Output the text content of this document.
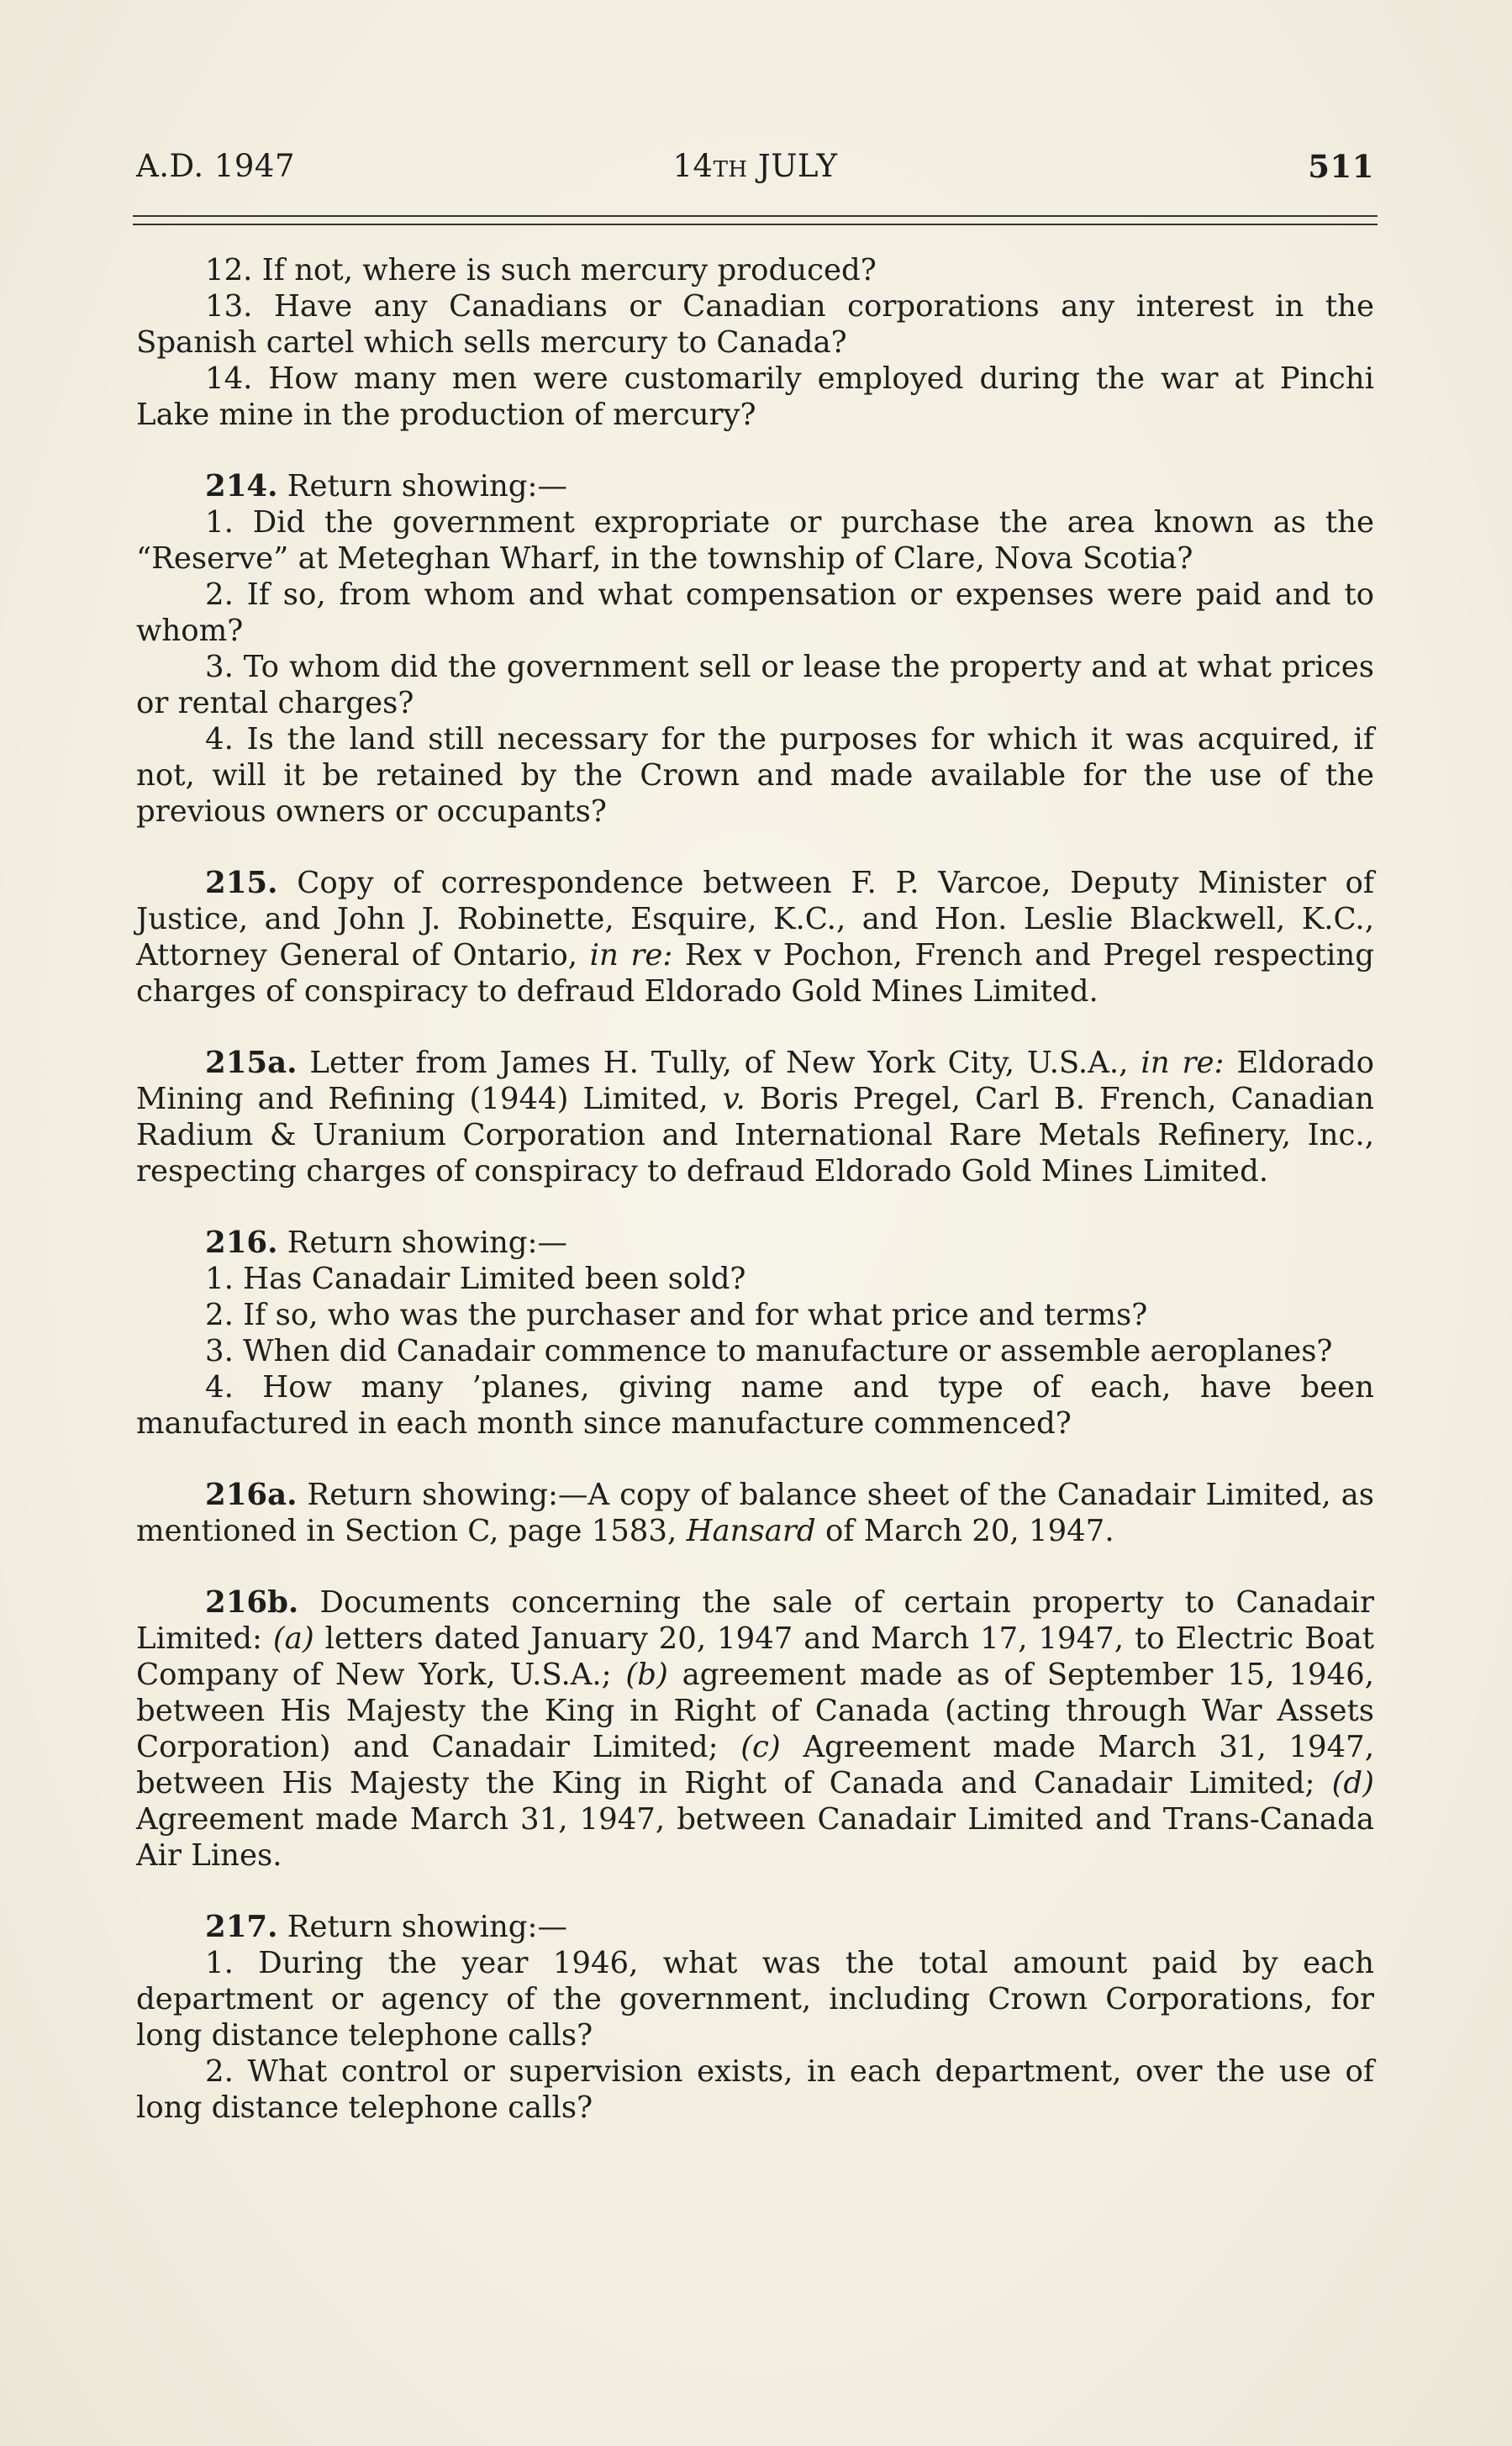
A.D. 1947	14TH JULY	511

12. If not, where is such mercury produced?

13. Have any Canadians or Canadian corporations any interest in the Spanish cartel which sells mercury to Canada?

14. How many men were customarily employed during the war at Pinchi Lake mine in the production of mercury?

214. Return showing:—

1. Did the government expropriate or purchase the area known as the “Reserve” at Meteghan Wharf, in the township of Clare, Nova Scotia?

2. If so, from whom and what compensation or expenses were paid and to whom?

3. To whom did the government sell or lease the property and at what prices or rental charges?

4. Is the land still necessary for the purposes for which it was acquired, if not, will it be retained by the Crown and made available for the use of the previous owners or occupants?

215. Copy of correspondence between F. P. Varcoe, Deputy Minister of Justice, and John J. Robinette, Esquire, K.C., and Hon. Leslie Blackwell, K.C., Attorney General of Ontario, in re: Rex v Pochon, French and Pregel respecting charges of conspiracy to defraud Eldorado Gold Mines Limited.

215a. Letter from James H. Tully, of New York City, U.S.A., in re: Eldorado Mining and Refining (1944) Limited, v. Boris Pregel, Carl B. French, Canadian Radium & Uranium Corporation and International Rare Metals Refinery, Inc., respecting charges of conspiracy to defraud Eldorado Gold Mines Limited.

216. Return showing:—

1. Has Canadair Limited been sold?

2. If so, who was the purchaser and for what price and terms?

3. When did Canadair commence to manufacture or assemble aeroplanes?

4. How many ’planes, giving name and type of each, have been manufactured in each month since manufacture commenced?

216a. Return showing:—A copy of balance sheet of the Canadair Limited, as mentioned in Section C, page 1583, Hansard of March 20, 1947.

216b. Documents concerning the sale of certain property to Canadair Limited: (a) letters dated January 20, 1947 and March 17, 1947, to Electric Boat Company of New York, U.S.A.; (b) agreement made as of September 15, 1946, between His Majesty the King in Right of Canada (acting through War Assets Corporation) and Canadair Limited; (c) Agreement made March 31, 1947, between His Majesty the King in Right of Canada and Canadair Limited; (d) Agreement made March 31, 1947, between Canadair Limited and Trans-Canada Air Lines.

217. Return showing:—

1. During the year 1946, what was the total amount paid by each department or agency of the government, including Crown Corporations, for long distance telephone calls?

2. What control or supervision exists, in each department, over the use of long distance telephone calls?
